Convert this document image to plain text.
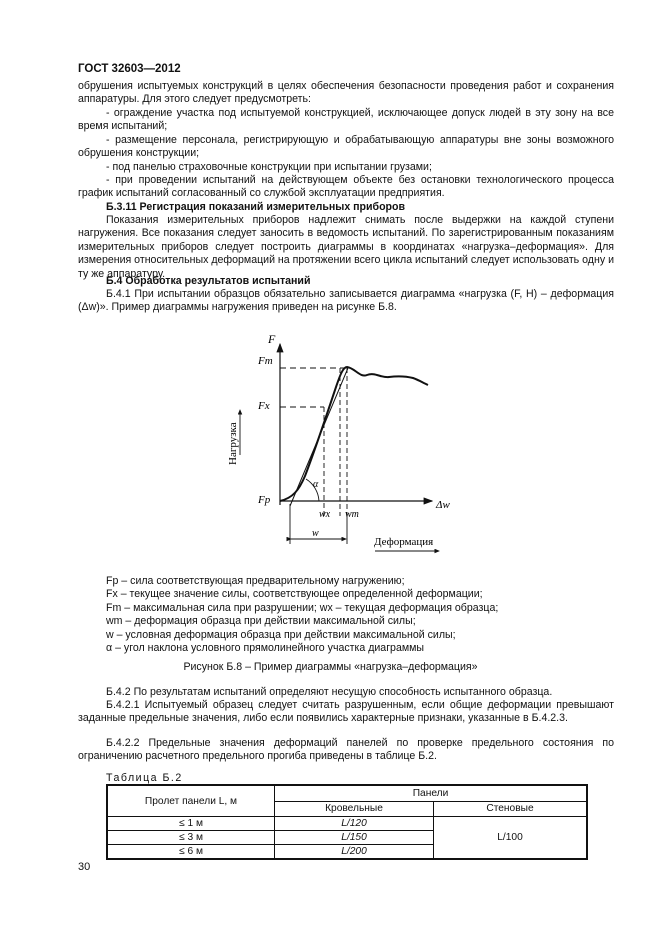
ГОСТ 32603—2012

обрушения испытуемых конструкций в целях обеспечения безопасности проведения работ и сохранения аппаратуры. Для этого следует предусмотреть:

- ограждение участка под испытуемой конструкцией, исключающее допуск людей в эту зону на все время испытаний;

- размещение персонала, регистрирующую и обрабатывающую аппаратуры вне зоны возможного обрушения конструкции;

- под панелью страховочные конструкции при испытании грузами;

- при проведении испытаний на действующем объекте без остановки технологического процесса график испытаний согласованный со службой эксплуатации предприятия.

Б.3.11 Регистрация показаний измерительных приборов

Показания измерительных приборов надлежит снимать после выдержки на каждой ступени нагружения. Все показания следует заносить в ведомость испытаний. По зарегистрированным показаниям измерительных приборов следует построить диаграммы в координатах «нагрузка–деформация». Для измерения относительных деформаций на протяжении всего цикла испытаний следует использовать одну и ту же аппаратуру.

Б.4 Обработка результатов испытаний

Б.4.1 При испытании образцов обязательно записывается диаграмма «нагрузка (F, Н) – деформация (Δw)». Пример диаграммы нагружения приведен на рисунке Б.8.

F
Fm
Fx
Fp
wx wm
w
α
Δw
Нагрузка
Деформация
Fp – сила соответствующая предварительному нагружению;
Fx – текущее значение силы, соответствующее определенной деформации;
Fm – максимальная сила при разрушении; wx – текущая деформация образца;
wm – деформация образца при действии максимальной силы;
w – условная деформация образца при действии максимальной силы;
α – угол наклона условного прямолинейного участка диаграммы
Рисунок Б.8 – Пример диаграммы «нагрузка–деформация»

Б.4.2 По результатам испытаний определяют несущую способность испытанного образца.

Б.4.2.1 Испытуемый образец следует считать разрушенным, если общие деформации превышают заданные предельные значения, либо если появились характерные признаки, указанные в Б.4.2.3.

Б.4.2.2 Предельные значения деформаций панелей по проверке предельного состояния по ограничению расчетного предельного прогиба приведены в таблице Б.2.

Таблица Б.2
Пролет панели L, м	Панели	
	Кровельные	Стеновые
≤ 1 м	L/120	L/100
≤ 3 м	L/150	
≤ 6 м	L/200	
30
